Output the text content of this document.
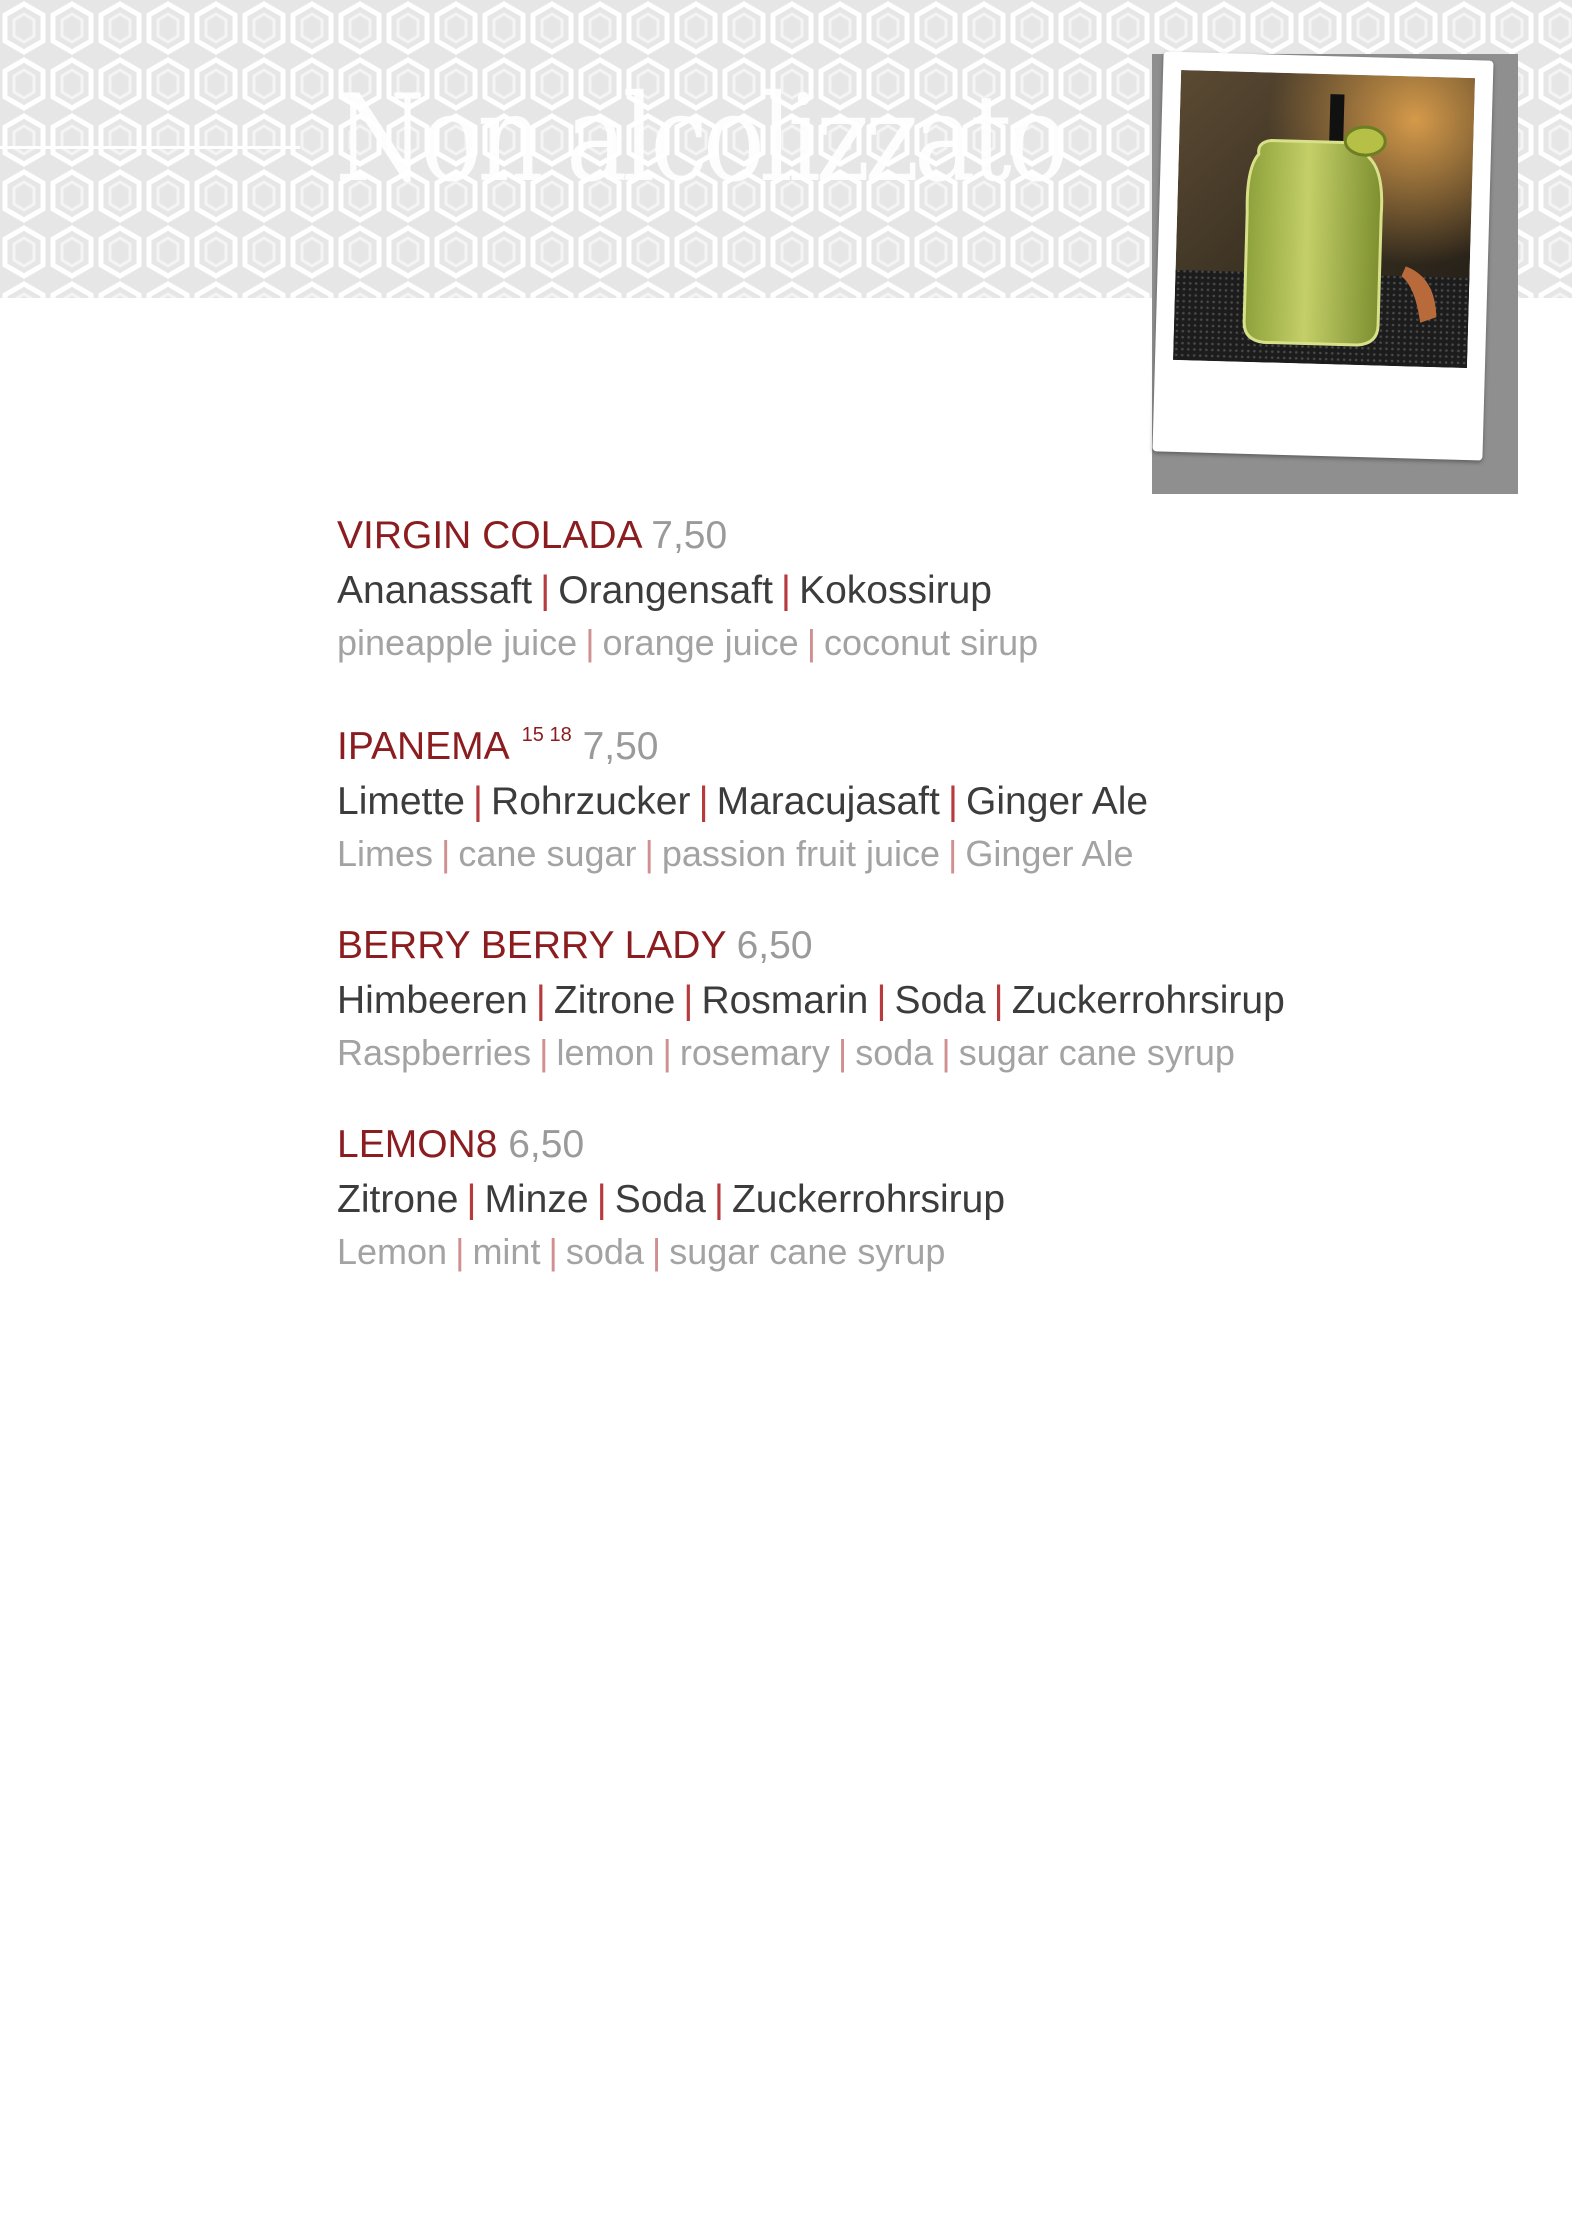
Non alcolizzato
VIRGIN COLADA 7,50
Ananassaft | Orangensaft | Kokossirup
pineapple juice | orange juice | coconut sirup
IPANEMA $^{15 18}$ 7,50
Limette | Rohrzucker | Maracujasaft | Ginger Ale
Limes | cane sugar | passion fruit juice | Ginger Ale
BERRY BERRY LADY 6,50
Himbeeren | Zitrone | Rosmarin | Soda | Zuckerrohrsirup
Raspberries | lemon | rosemary | soda | sugar cane syrup
LEMON8 6,50
Zitrone | Minze | Soda | Zuckerrohrsirup
Lemon | mint | soda | sugar cane syrup
